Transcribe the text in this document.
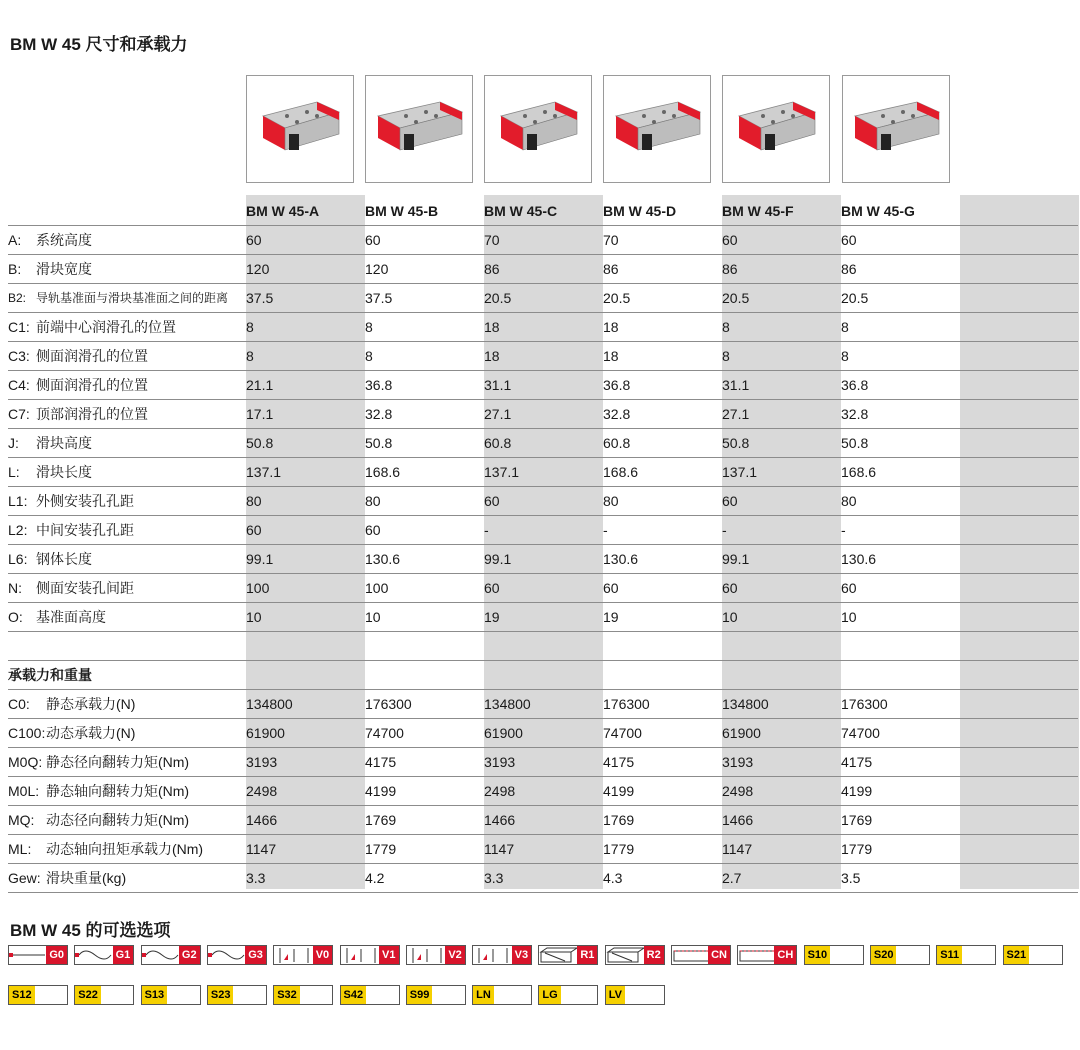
BM W 45 尺寸和承载力
BM W 45-A	BM W 45-B	BM W 45-C	BM W 45-D	BM W 45-F	BM W 45-G
A: 系统高度	60	60	70	70	60	60
B: 滑块宽度	120	120	86	86	86	86
B2: 导轨基准面与滑块基准面之间的距离 37.5	37.5	20.5	20.5	20.5	20.5
C1: 前端中心润滑孔的位置	8	8	18	18	8	8
C3: 侧面润滑孔的位置	8	8	18	18	8	8
C4: 侧面润滑孔的位置	21.1	36.8	31.1	36.8	31.1	36.8
C7: 顶部润滑孔的位置	17.1	32.8	27.1	32.8	27.1	32.8
J: 滑块高度	50.8	50.8	60.8	60.8	50.8	50.8
L: 滑块长度	137.1	168.6	137.1	168.6	137.1	168.6
L1: 外侧安装孔孔距	80	80	60	80	60	80
L2: 中间安装孔孔距	60	60	-	-	-	-
L6: 钢体长度	99.1	130.6	99.1	130.6	99.1	130.6
N: 侧面安装孔间距	100	100	60	60	60	60
O: 基准面高度	10	10	19	19	10	10
承载力和重量
C0: 静态承载力(N)	134800	176300	134800	176300	134800	176300
C100:动态承载力(N)	61900	74700	61900	74700	61900	74700
M0Q: 静态径向翻转力矩(Nm)	3193	4175	3193	4175	3193	4175
M0L: 静态轴向翻转力矩(Nm)	2498	4199	2498	4199	2498	4199
MQ: 动态径向翻转力矩(Nm)	1466	1769	1466	1769	1466	1769
ML: 动态轴向扭矩承载力(Nm)	1147	1779	1147	1779	1147	1779
Gew: 滑块重量(kg)	3.3	4.2	3.3	4.3	2.7	3.5
BM W 45 的可选选项
G0	G1	G2	G3	V0	V1	V2	V3	R1	R2	CN	CH S10	S20	S11	S21
S12	S22	S13	S23	S32	S42	S99	LN	LG	LV
